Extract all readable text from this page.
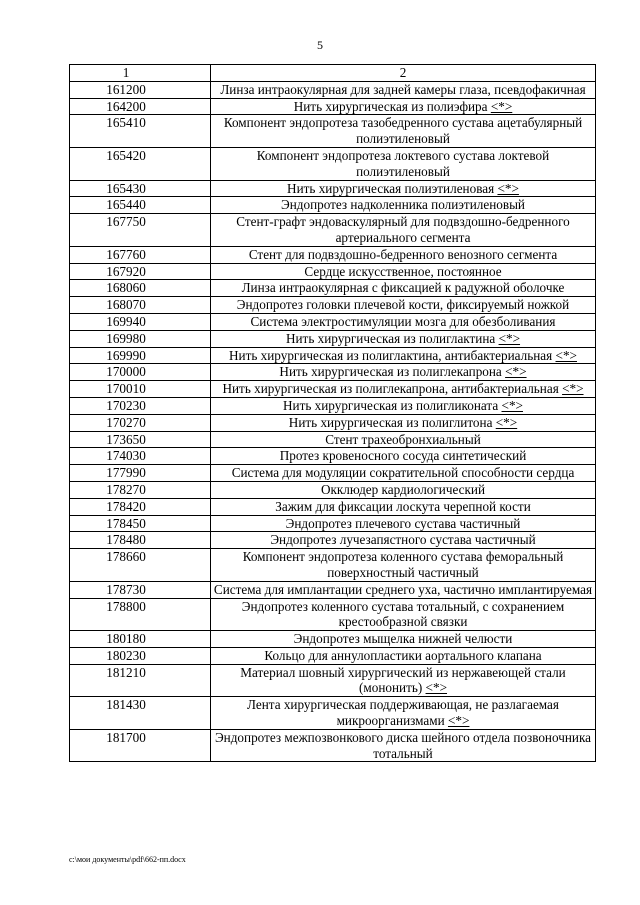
5
1	2
161200	Линза интраокулярная для задней камеры глаза, псевдофакичная
164200	Нить хирургическая из полиэфира <*>
165410	Компонент эндопротеза тазобедренного сустава ацетабулярный полиэтиленовый
165420	Компонент эндопротеза локтевого сустава локтевой полиэтиленовый
165430	Нить хирургическая полиэтиленовая <*>
165440	Эндопротез надколенника полиэтиленовый
167750	Стент-графт эндоваскулярный для подвздошно-бедренного артериального сегмента
167760	Стент для подвздошно-бедренного венозного сегмента
167920	Сердце искусственное, постоянное
168060	Линза интраокулярная с фиксацией к радужной оболочке
168070	Эндопротез головки плечевой кости, фиксируемый ножкой
169940	Система электростимуляции мозга для обезболивания
169980	Нить хирургическая из полиглактина <*>
169990	Нить хирургическая из полиглактина, антибактериальная <*>
170000	Нить хирургическая из полиглекапрона <*>
170010	Нить хирургическая из полиглекапрона, антибактериальная <*>
170230	Нить хирургическая из полигликоната <*>
170270	Нить хирургическая из полиглитона <*>
173650	Стент трахеобронхиальный
174030	Протез кровеносного сосуда синтетический
177990	Система для модуляции сократительной способности сердца
178270	Окклюдер кардиологический
178420	Зажим для фиксации лоскута черепной кости
178450	Эндопротез плечевого сустава частичный
178480	Эндопротез лучезапястного сустава частичный
178660	Компонент эндопротеза коленного сустава феморальный поверхностный частичный
178730	Система для имплантации среднего уха, частично имплантируемая
178800	Эндопротез коленного сустава тотальный, с сохранением крестообразной связки
180180	Эндопротез мыщелка нижней челюсти
180230	Кольцо для аннулопластики аортального клапана
181210	Материал шовный хирургический из нержавеющей стали (мононить) <*>
181430	Лента хирургическая поддерживающая, не разлагаемая микроорганизмами <*>
181700	Эндопротез межпозвонкового диска шейного отдела позвоночника тотальный
c:\мои документы\pdf\662-пп.docx
